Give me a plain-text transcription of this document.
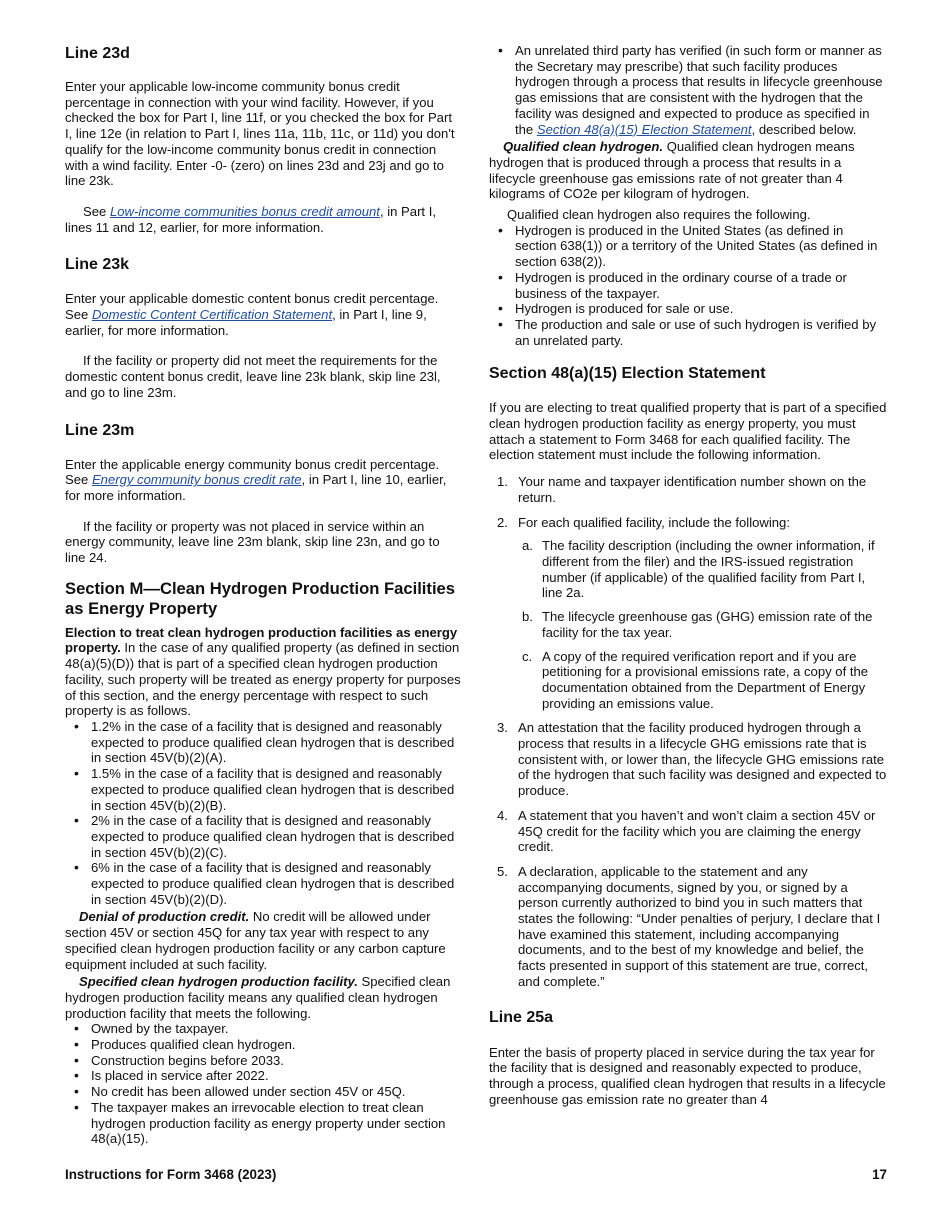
Line 23d

Enter your applicable low-income community bonus credit percentage in connection with your wind facility. However, if you checked the box for Part I, line 11f, or you checked the box for Part I, line 12e (in relation to Part I, lines 11a, 11b, 11c, or 11d) you don't qualify for the low-income community bonus credit in connection with a wind facility. Enter -0- (zero) on lines 23d and 23j and go to line 23k.

See Low-income communities bonus credit amount, in Part I, lines 11 and 12, earlier, for more information.

Line 23k

Enter your applicable domestic content bonus credit percentage. See Domestic Content Certification Statement, in Part I, line 9, earlier, for more information.

If the facility or property did not meet the requirements for the domestic content bonus credit, leave line 23k blank, skip line 23l, and go to line 23m.

Line 23m

Enter the applicable energy community bonus credit percentage. See Energy community bonus credit rate, in Part I, line 10, earlier, for more information.

If the facility or property was not placed in service within an energy community, leave line 23m blank, skip line 23n, and go to line 24.

Section M—Clean Hydrogen Production Facilities as Energy Property

Election to treat clean hydrogen production facilities as energy property. In the case of any qualified property (as defined in section 48(a)(5)(D)) that is part of a specified clean hydrogen production facility, such property will be treated as energy property for purposes of this section, and the energy percentage with respect to such property is as follows.

• 1.2% in the case of a facility that is designed and reasonably expected to produce qualified clean hydrogen that is described in section 45V(b)(2)(A).
• 1.5% in the case of a facility that is designed and reasonably expected to produce qualified clean hydrogen that is described in section 45V(b)(2)(B).
• 2% in the case of a facility that is designed and reasonably expected to produce qualified clean hydrogen that is described in section 45V(b)(2)(C).
• 6% in the case of a facility that is designed and reasonably expected to produce qualified clean hydrogen that is described in section 45V(b)(2)(D).

Denial of production credit. No credit will be allowed under section 45V or section 45Q for any tax year with respect to any specified clean hydrogen production facility or any carbon capture equipment included at such facility.

Specified clean hydrogen production facility. Specified clean hydrogen production facility means any qualified clean hydrogen production facility that meets the following.

• Owned by the taxpayer.
• Produces qualified clean hydrogen.
• Construction begins before 2033.
• Is placed in service after 2022.
• No credit has been allowed under section 45V or 45Q.
• The taxpayer makes an irrevocable election to treat clean hydrogen production facility as energy property under section 48(a)(15).
• An unrelated third party has verified (in such form or manner as the Secretary may prescribe) that such facility produces hydrogen through a process that results in lifecycle greenhouse gas emissions that are consistent with the hydrogen that the facility was designed and expected to produce as specified in the Section 48(a)(15) Election Statement, described below.

Qualified clean hydrogen. Qualified clean hydrogen means hydrogen that is produced through a process that results in a lifecycle greenhouse gas emissions rate of not greater than 4 kilograms of CO2e per kilogram of hydrogen.

Qualified clean hydrogen also requires the following.

• Hydrogen is produced in the United States (as defined in section 638(1)) or a territory of the United States (as defined in section 638(2)).
• Hydrogen is produced in the ordinary course of a trade or business of the taxpayer.
• Hydrogen is produced for sale or use.
• The production and sale or use of such hydrogen is verified by an unrelated party.
Section 48(a)(15) Election Statement

If you are electing to treat qualified property that is part of a specified clean hydrogen production facility as energy property, you must attach a statement to Form 3468 for each qualified facility. The election statement must include the following information.

1. Your name and taxpayer identification number shown on the return.
2. For each qualified facility, include the following:
a. The facility description (including the owner information, if different from the filer) and the IRS-issued registration number (if applicable) of the qualified facility from Part I, line 2a.
b. The lifecycle greenhouse gas (GHG) emission rate of the facility for the tax year.
c. A copy of the required verification report and if you are petitioning for a provisional emissions rate, a copy of the documentation obtained from the Department of Energy providing an emissions value.
3. An attestation that the facility produced hydrogen through a process that results in a lifecycle GHG emissions rate that is consistent with, or lower than, the lifecycle GHG emissions rate of the hydrogen that such facility was designed and expected to produce.
4. A statement that you haven’t and won’t claim a section 45V or 45Q credit for the facility which you are claiming the energy credit.
5. A declaration, applicable to the statement and any accompanying documents, signed by you, or signed by a person currently authorized to bind you in such matters that states the following: “Under penalties of perjury, I declare that I have examined this statement, including accompanying documents, and to the best of my knowledge and belief, the facts presented in support of this statement are true, correct, and complete.”
Line 25a

Enter the basis of property placed in service during the tax year for the facility that is designed and reasonably expected to produce, through a process, qualified clean hydrogen that results in a lifecycle greenhouse gas emission rate no greater than 4

Instructions for Form 3468 (2023)	17
